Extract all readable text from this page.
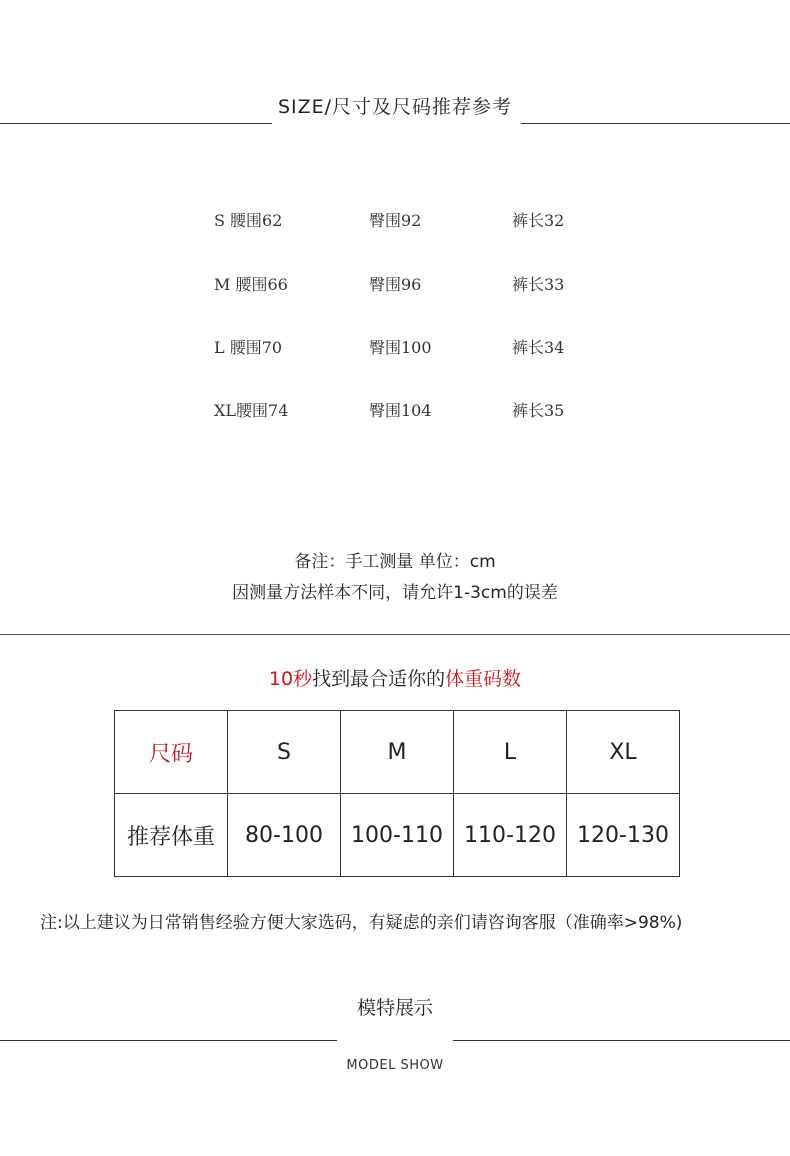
SIZE/尺寸及尺码推荐参考
S 腰围62	臀围92	裤长32
M 腰围66	臀围96	裤长33
L 腰围70	臀围100	裤长34
XL腰围74	臀围104	裤长35
备注：手工测量 单位：cm
因测量方法样本不同，请允许1-3cm的误差
10秒找到最合适你的体重码数
尺码	S	M	L	XL
推荐体重	80-100	100-110	110-120	120-130
注:以上建议为日常销售经验方便大家选码，有疑虑的亲们请咨询客服（准确率>98%)
模特展示
MODEL SHOW
